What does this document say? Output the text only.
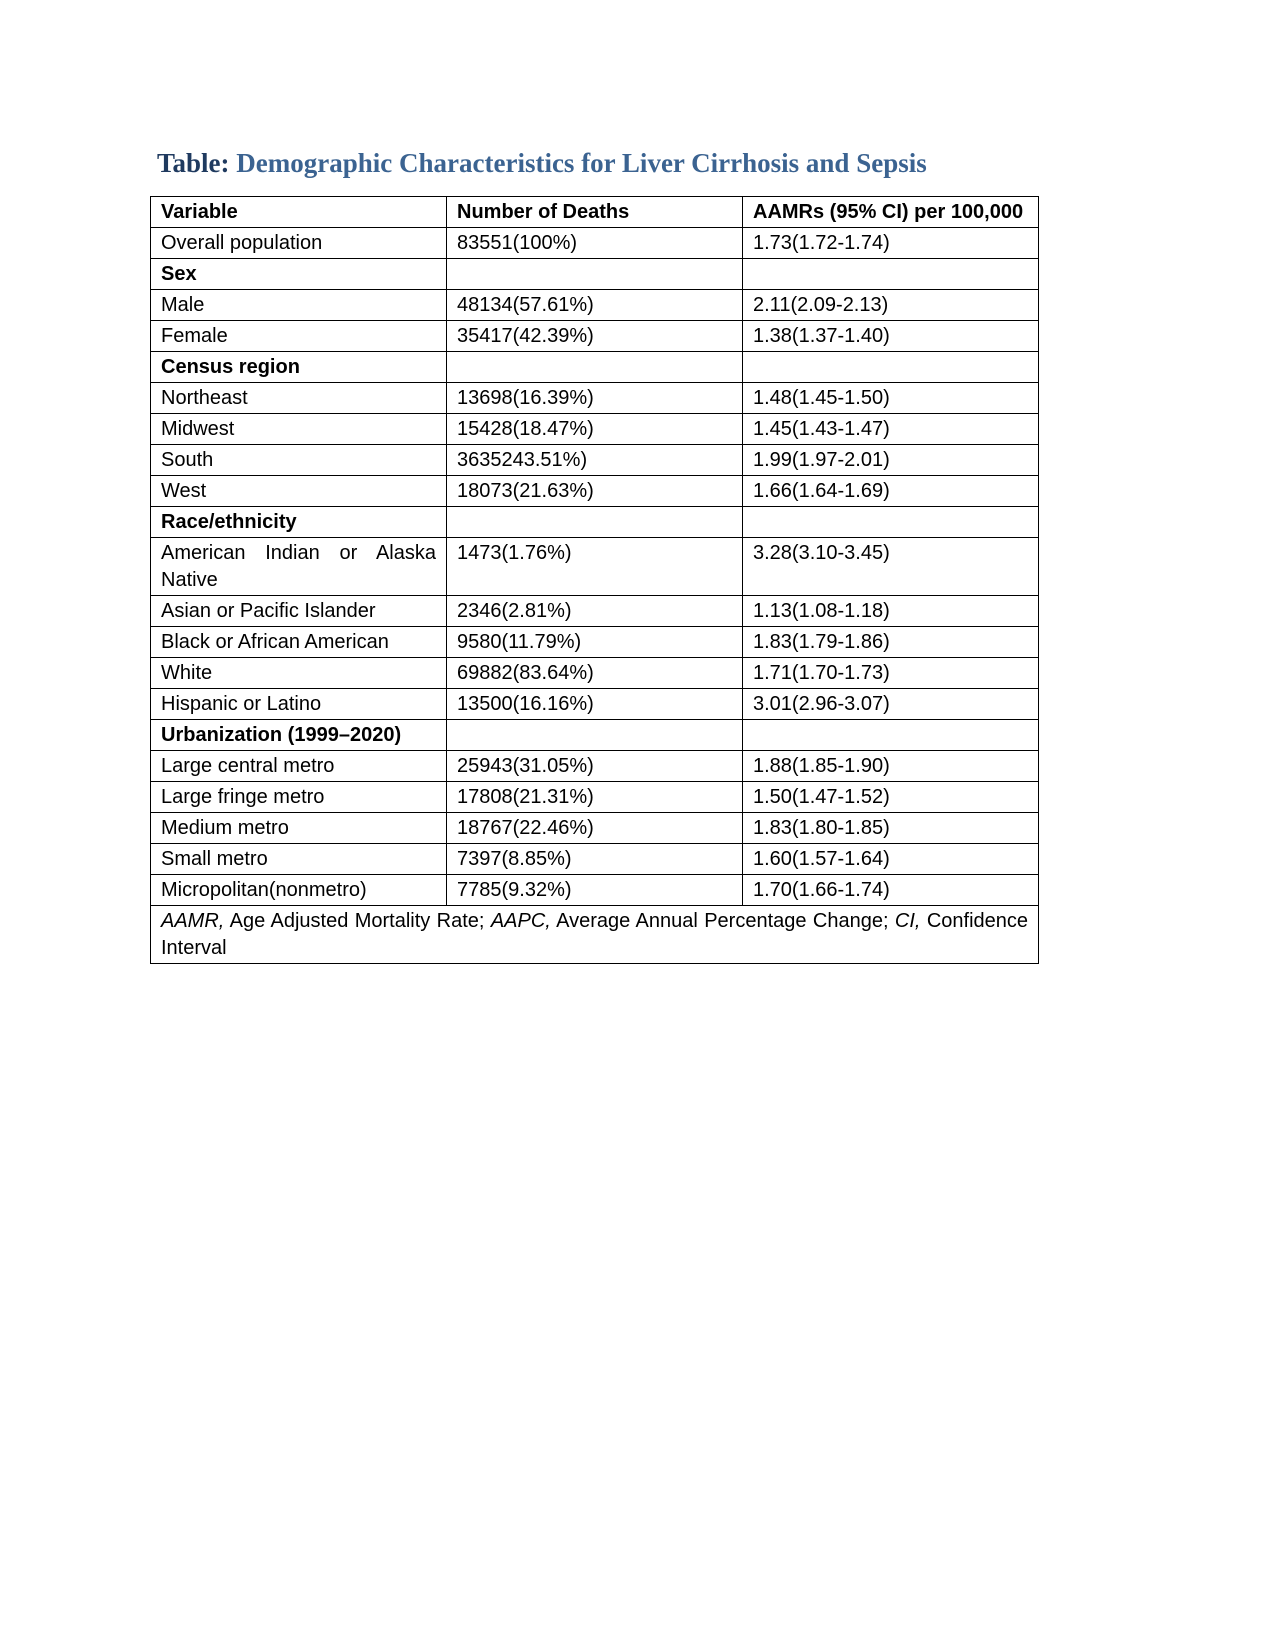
Table: Demographic Characteristics for Liver Cirrhosis and Sepsis
Variable	Number of Deaths	AAMRs (95% CI) per 100,000
Overall population	83551(100%)	1.73(1.72-1.74)
Sex		
Male	48134(57.61%)	2.11(2.09-2.13)
Female	35417(42.39%)	1.38(1.37-1.40)
Census region		
Northeast	13698(16.39%)	1.48(1.45-1.50)
Midwest	15428(18.47%)	1.45(1.43-1.47)
South	3635243.51%)	1.99(1.97-2.01)
West	18073(21.63%)	1.66(1.64-1.69)
Race/ethnicity		
American Indian or Alaska Native	1473(1.76%)	3.28(3.10-3.45)
Asian or Pacific Islander	2346(2.81%)	1.13(1.08-1.18)
Black or African American	9580(11.79%)	1.83(1.79-1.86)
White	69882(83.64%)	1.71(1.70-1.73)
Hispanic or Latino	13500(16.16%)	3.01(2.96-3.07)
Urbanization (1999–2020)		
Large central metro	25943(31.05%)	1.88(1.85-1.90)
Large fringe metro	17808(21.31%)	1.50(1.47-1.52)
Medium metro	18767(22.46%)	1.83(1.80-1.85)
Small metro	7397(8.85%)	1.60(1.57-1.64)
Micropolitan(nonmetro)	7785(9.32%)	1.70(1.66-1.74)
AAMR, Age Adjusted Mortality Rate; AAPC, Average Annual Percentage Change; CI, Confidence Interval		
